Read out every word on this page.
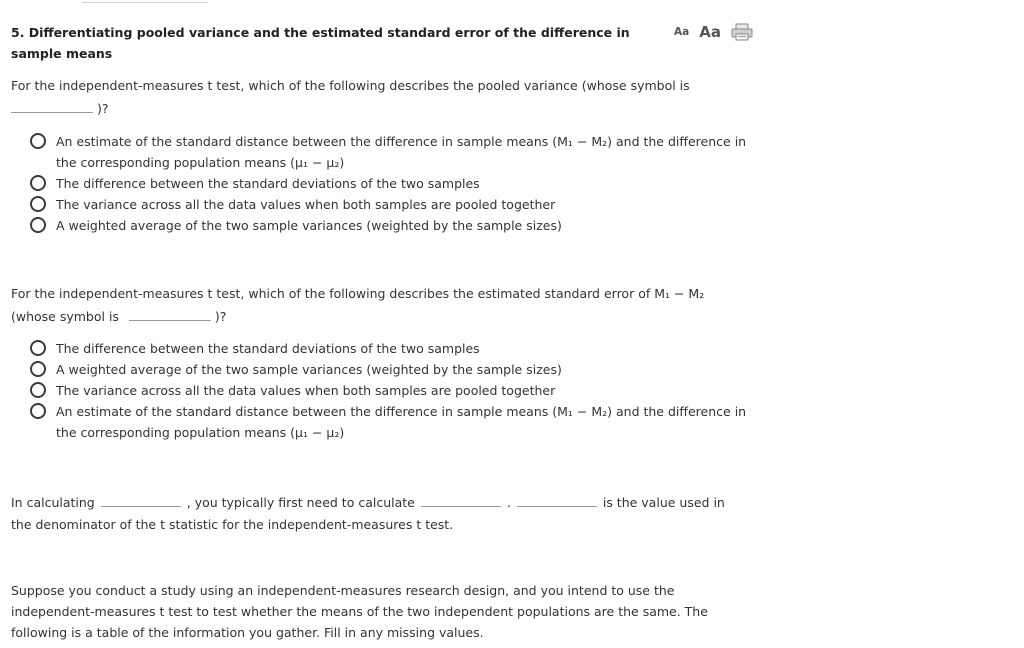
5. Differentiating pooled variance and the estimated standard error of the difference in sample means
Aa Aa
For the independent-measures t test, which of the following describes the pooled variance (whose symbol is
)?
An estimate of the standard distance between the difference in sample means (M₁ − M₂) and the difference in the corresponding population means (μ₁ − μ₂)
The difference between the standard deviations of the two samples
The variance across all the data values when both samples are pooled together
A weighted average of the two sample variances (weighted by the sample sizes)
For the independent-measures t test, which of the following describes the estimated standard error of M₁ − M₂
(whose symbol is	)?
The difference between the standard deviations of the two samples
A weighted average of the two sample variances (weighted by the sample sizes)
The variance across all the data values when both samples are pooled together
An estimate of the standard distance between the difference in sample means (M₁ − M₂) and the difference in the corresponding population means (μ₁ − μ₂)
In calculating	, you typically first need to calculate	.	is the value used in
the denominator of the t statistic for the independent-measures t test.
Suppose you conduct a study using an independent-measures research design, and you intend to use the independent-measures t test to test whether the means of the two independent populations are the same. The following is a table of the information you gather. Fill in any missing values.
